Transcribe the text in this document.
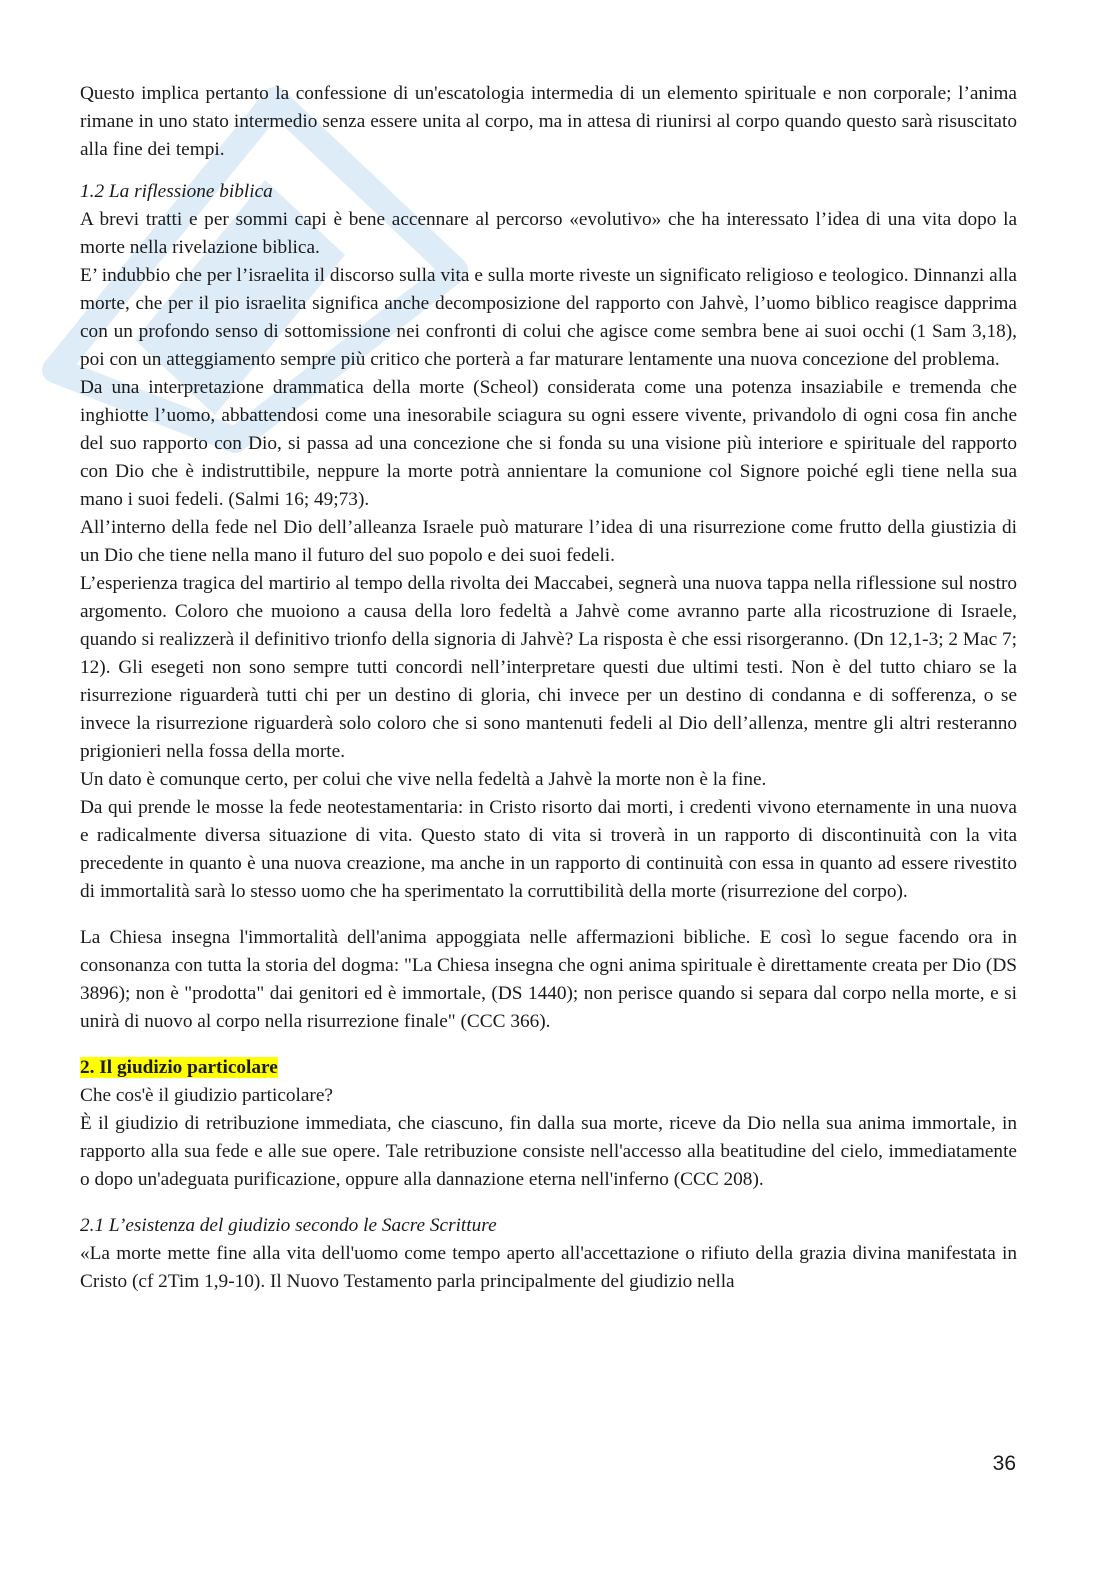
Questo implica pertanto la confessione di un'escatologia intermedia di un elemento spirituale e non corporale; l’anima rimane in uno stato intermedio senza essere unita al corpo, ma in attesa di riunirsi al corpo quando questo sarà risuscitato alla fine dei tempi.

1.2 La riflessione biblica

A brevi tratti e per sommi capi è bene accennare al percorso «evolutivo» che ha interessato l’idea di una vita dopo la morte nella rivelazione biblica.

E’ indubbio che per l’israelita il discorso sulla vita e sulla morte riveste un significato religioso e teologico. Dinnanzi alla morte, che per il pio israelita significa anche decomposizione del rapporto con Jahvè, l’uomo biblico reagisce dapprima con un profondo senso di sottomissione nei confronti di colui che agisce come sembra bene ai suoi occhi (1 Sam 3,18), poi con un atteggiamento sempre più critico che porterà a far maturare lentamente una nuova concezione del problema.

Da una interpretazione drammatica della morte (Scheol) considerata come una potenza insaziabile e tremenda che inghiotte l’uomo, abbattendosi come una inesorabile sciagura su ogni essere vivente, privandolo di ogni cosa fin anche del suo rapporto con Dio, si passa ad una concezione che si fonda su una visione più interiore e spirituale del rapporto con Dio che è indistruttibile, neppure la morte potrà annientare la comunione col Signore poiché egli tiene nella sua mano i suoi fedeli. (Salmi 16; 49;73).

All’interno della fede nel Dio dell’alleanza Israele può maturare l’idea di una risurrezione come frutto della giustizia di un Dio che tiene nella mano il futuro del suo popolo e dei suoi fedeli.

L’esperienza tragica del martirio al tempo della rivolta dei Maccabei, segnerà una nuova tappa nella riflessione sul nostro argomento. Coloro che muoiono a causa della loro fedeltà a Jahvè come avranno parte alla ricostruzione di Israele, quando si realizzerà il definitivo trionfo della signoria di Jahvè? La risposta è che essi risorgeranno. (Dn 12,1-3; 2 Mac 7; 12). Gli esegeti non sono sempre tutti concordi nell’interpretare questi due ultimi testi. Non è del tutto chiaro se la risurrezione riguarderà tutti chi per un destino di gloria, chi invece per un destino di condanna e di sofferenza, o se invece la risurrezione riguarderà solo coloro che si sono mantenuti fedeli al Dio dell’allenza, mentre gli altri resteranno prigionieri nella fossa della morte.

Un dato è comunque certo, per colui che vive nella fedeltà a Jahvè la morte non è la fine.

Da qui prende le mosse la fede neotestamentaria: in Cristo risorto dai morti, i credenti vivono eternamente in una nuova e radicalmente diversa situazione di vita. Questo stato di vita si troverà in un rapporto di discontinuità con la vita precedente in quanto è una nuova creazione, ma anche in un rapporto di continuità con essa in quanto ad essere rivestito di immortalità sarà lo stesso uomo che ha sperimentato la corruttibilità della morte (risurrezione del corpo).

La Chiesa insegna l'immortalità dell'anima appoggiata nelle affermazioni bibliche. E così lo segue facendo ora in consonanza con tutta la storia del dogma: "La Chiesa insegna che ogni anima spirituale è direttamente creata per Dio (DS 3896); non è "prodotta" dai genitori ed è immortale, (DS 1440); non perisce quando si separa dal corpo nella morte, e si unirà di nuovo al corpo nella risurrezione finale" (CCC 366).

2. Il giudizio particolare

Che cos'è il giudizio particolare?

È il giudizio di retribuzione immediata, che ciascuno, fin dalla sua morte, riceve da Dio nella sua anima immortale, in rapporto alla sua fede e alle sue opere. Tale retribuzione consiste nell'accesso alla beatitudine del cielo, immediatamente o dopo un'adeguata purificazione, oppure alla dannazione eterna nell'inferno (CCC 208).

2.1 L’esistenza del giudizio secondo le Sacre Scritture

«La morte mette fine alla vita dell'uomo come tempo aperto all'accettazione o rifiuto della grazia divina manifestata in Cristo (cf 2Tim 1,9-10). Il Nuovo Testamento parla principalmente del giudizio nella

36
